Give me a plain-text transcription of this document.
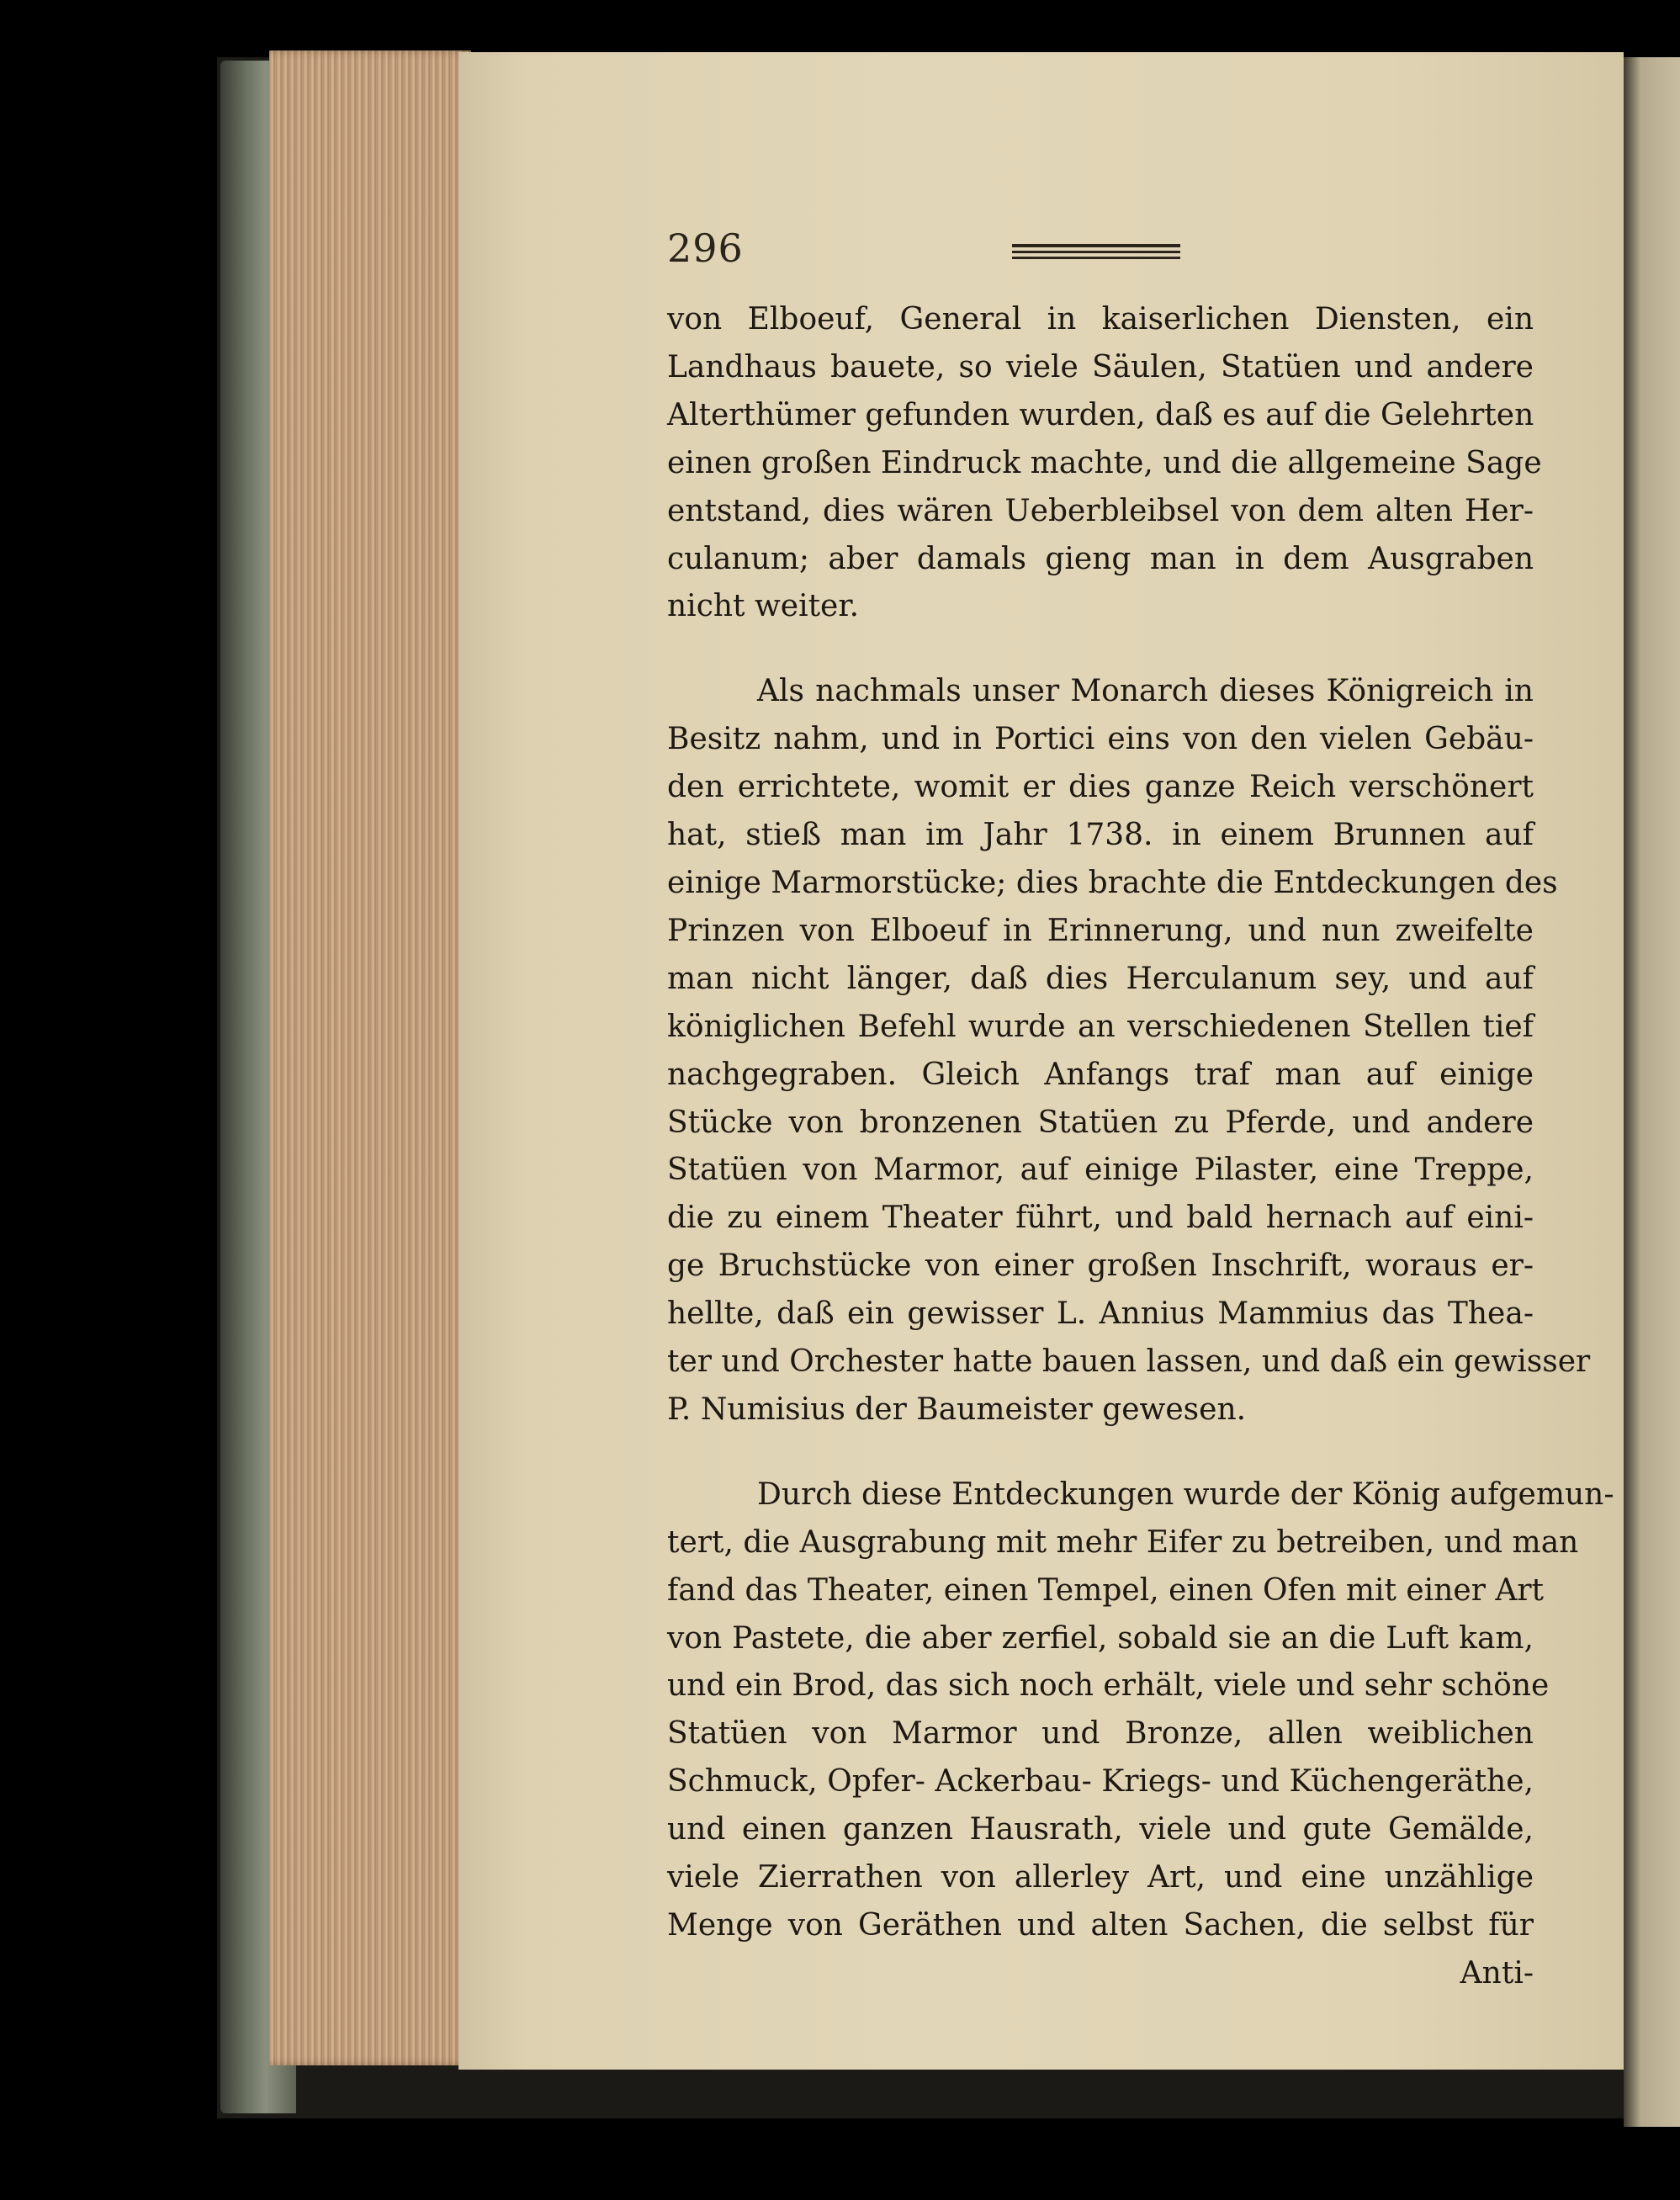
296

von Elboeuf, General in kaiserlichen Diensten, ein
Landhaus bauete, so viele Säulen, Statüen und andere
Alterthümer gefunden wurden, daß es auf die Gelehrten
einen großen Eindruck machte, und die allgemeine Sage
entstand, dies wären Ueberbleibsel von dem alten Her-
culanum; aber damals gieng man in dem Ausgraben
nicht weiter.

Als nachmals unser Monarch dieses Königreich in
Besitz nahm, und in Portici eins von den vielen Gebäu-
den errichtete, womit er dies ganze Reich verschönert
hat, stieß man im Jahr 1738. in einem Brunnen auf
einige Marmorstücke; dies brachte die Entdeckungen des
Prinzen von Elboeuf in Erinnerung, und nun zweifelte
man nicht länger, daß dies Herculanum sey, und auf
königlichen Befehl wurde an verschiedenen Stellen tief
nachgegraben. Gleich Anfangs traf man auf einige
Stücke von bronzenen Statüen zu Pferde, und andere
Statüen von Marmor, auf einige Pilaster, eine Treppe,
die zu einem Theater führt, und bald hernach auf eini-
ge Bruchstücke von einer großen Inschrift, woraus er-
hellte, daß ein gewisser L. Annius Mammius das Thea-
ter und Orchester hatte bauen lassen, und daß ein gewisser
P. Numisius der Baumeister gewesen.

Durch diese Entdeckungen wurde der König aufgemun-
tert, die Ausgrabung mit mehr Eifer zu betreiben, und man
fand das Theater, einen Tempel, einen Ofen mit einer Art
von Pastete, die aber zerfiel, sobald sie an die Luft kam,
und ein Brod, das sich noch erhält, viele und sehr schöne
Statüen von Marmor und Bronze, allen weiblichen
Schmuck, Opfer- Ackerbau- Kriegs- und Küchengeräthe,
und einen ganzen Hausrath, viele und gute Gemälde,
viele Zierrathen von allerley Art, und eine unzählige
Menge von Geräthen und alten Sachen, die selbst für

Anti-
